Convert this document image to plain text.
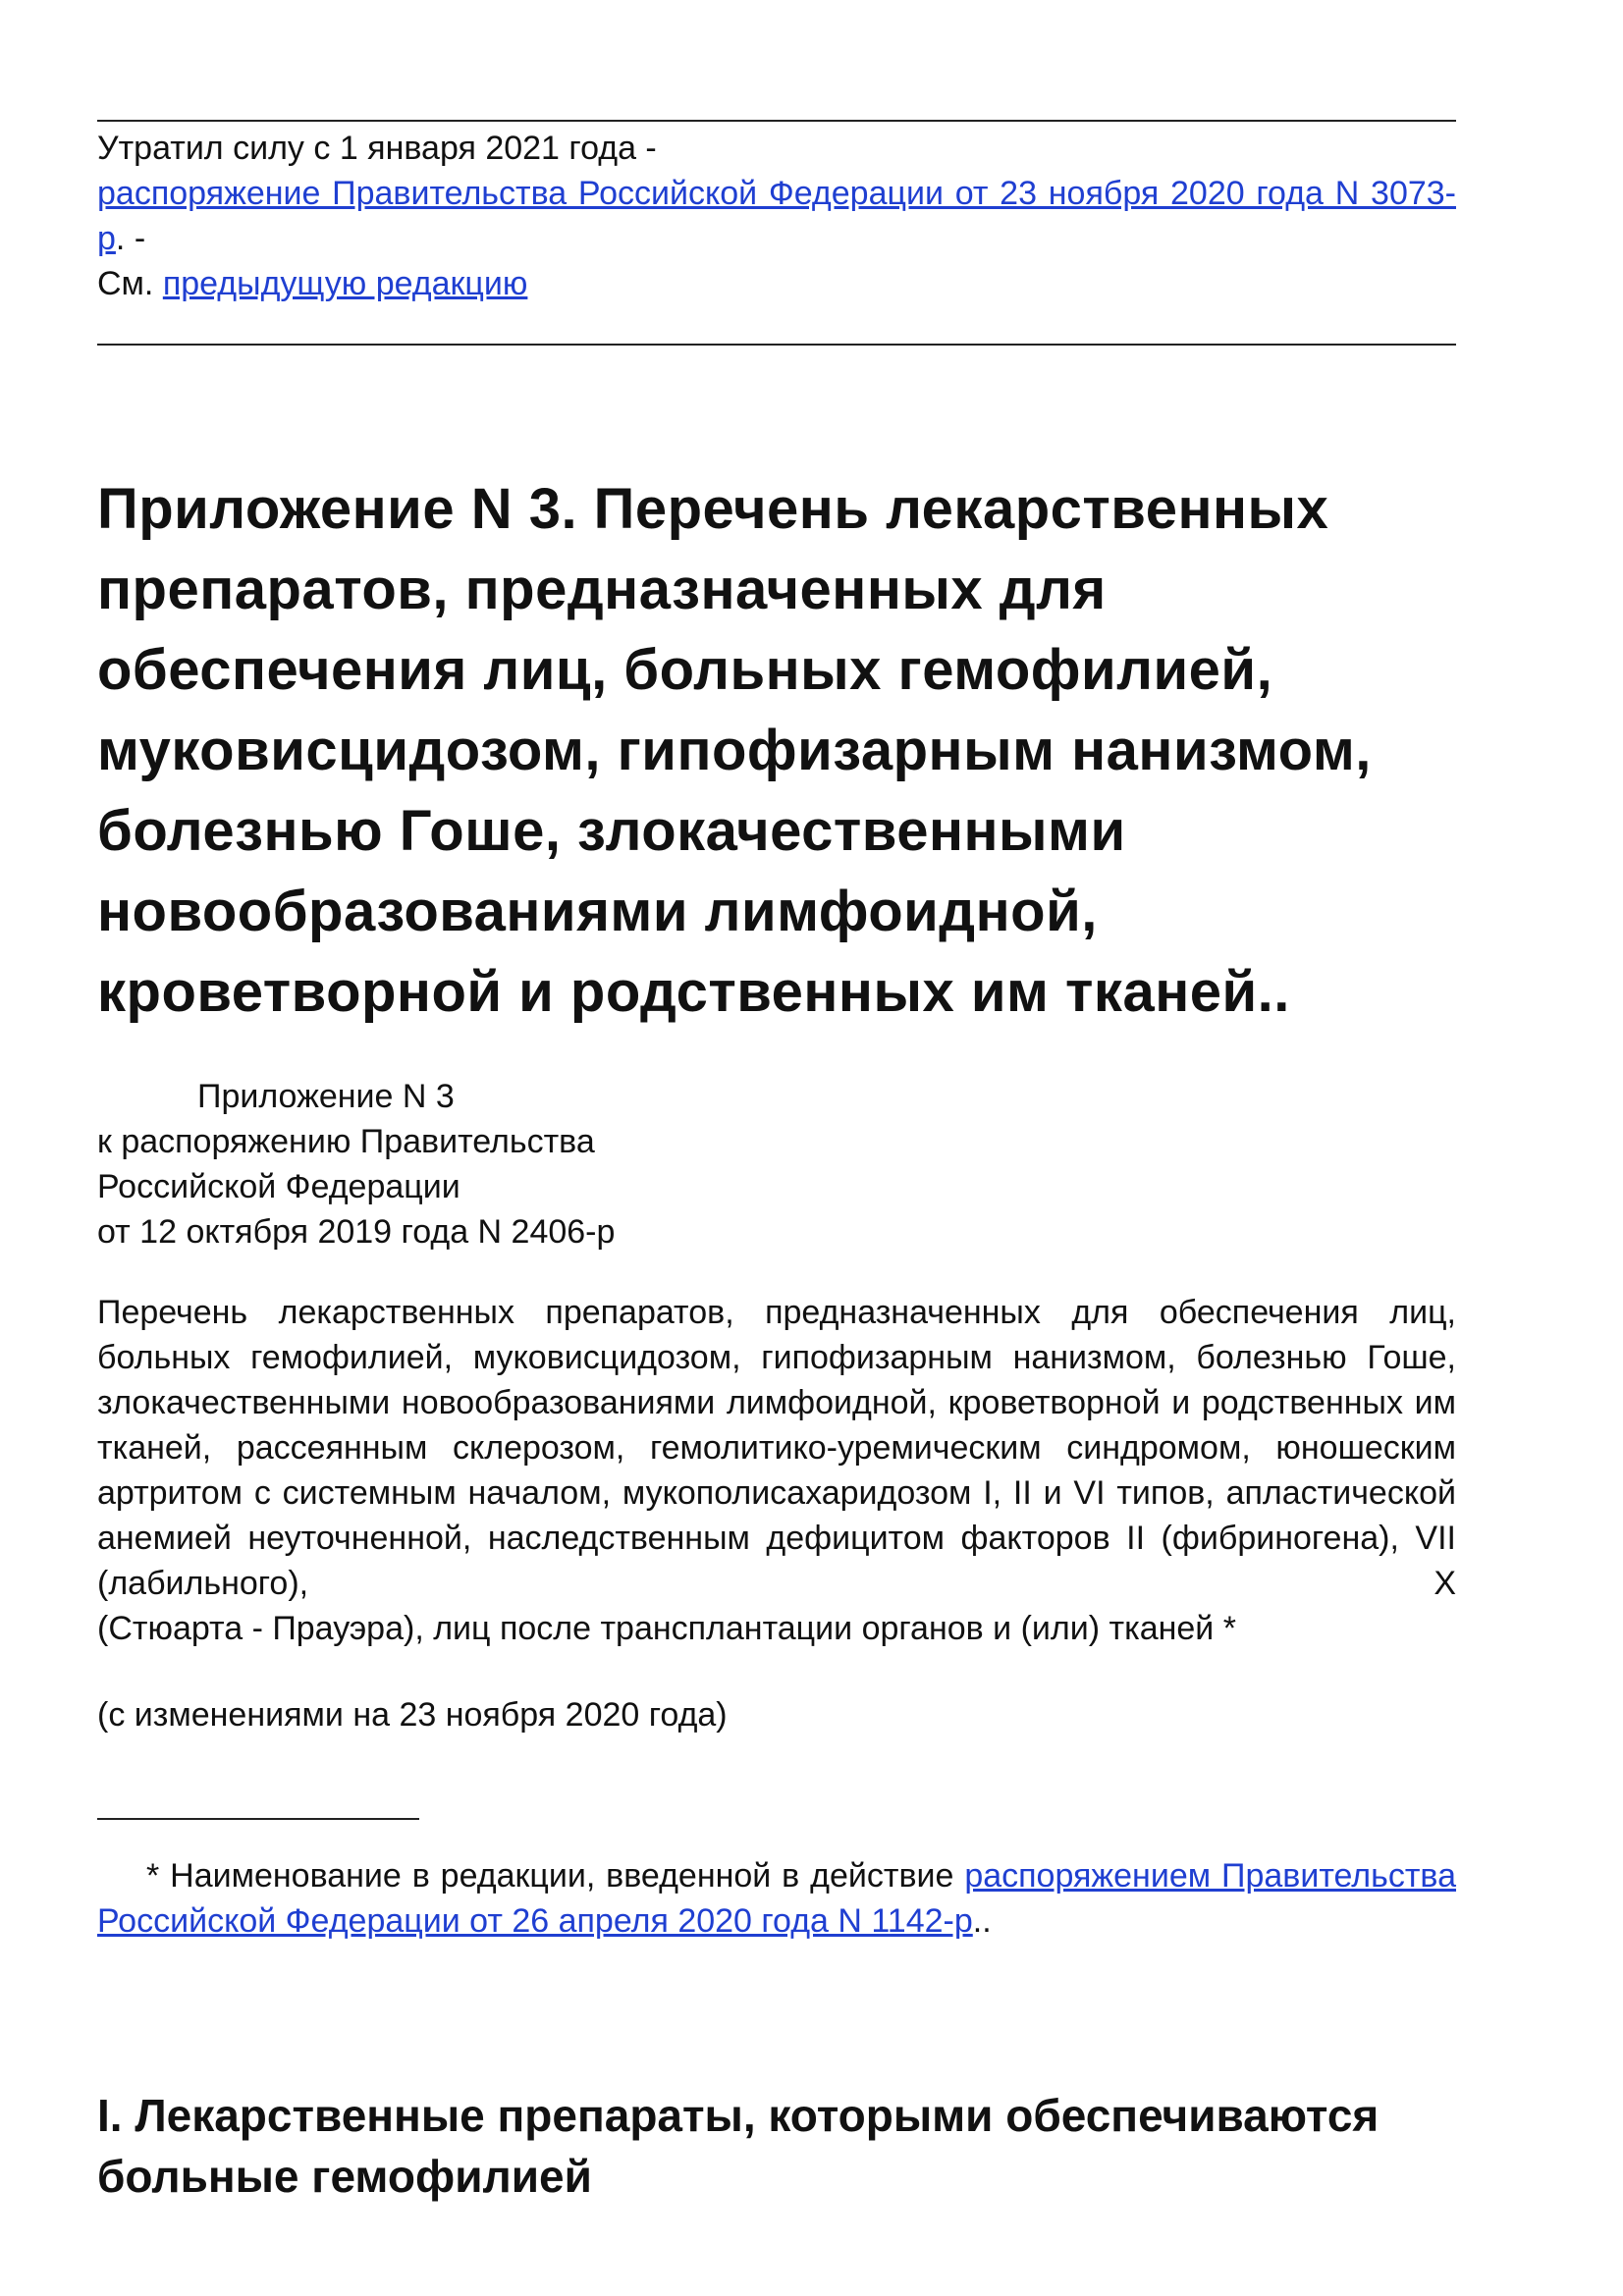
Утратил силу с 1 января 2021 года -
распоряжение Правительства Российской Федерации от 23 ноября 2020 года N 3073-р. -
См. предыдущую редакцию
Приложение N 3. Перечень лекарственных препаратов, предназначенных для обеспечения лиц, больных гемофилией, муковисцидозом, гипофизарным нанизмом, болезнью Гоше, злокачественными новообразованиями лимфоидной, кроветворной и родственных им тканей..
Приложение N 3
к распоряжению Правительства
Российской Федерации
от 12 октября 2019 года N 2406-р
Перечень лекарственных препаратов, предназначенных для обеспечения лиц, больных гемофилией, муковисцидозом, гипофизарным нанизмом, болезнью Гоше, злокачественными новообразованиями лимфоидной, кроветворной и родственных им тканей, рассеянным склерозом, гемолитико-уремическим синдромом, юношеским артритом с системным началом, мукополисахаридозом I, II и VI типов, апластической анемией неуточненной, наследственным дефицитом факторов II (фибриногена), VII (лабильного), X
(Стюарта - Прауэра), лиц после трансплантации органов и (или) тканей *
(с изменениями на 23 ноября 2020 года)
* Наименование в редакции, введенной в действие распоряжением Правительства Российской Федерации от 26 апреля 2020 года N 1142-р..
I. Лекарственные препараты, которыми обеспечиваются больные гемофилией
